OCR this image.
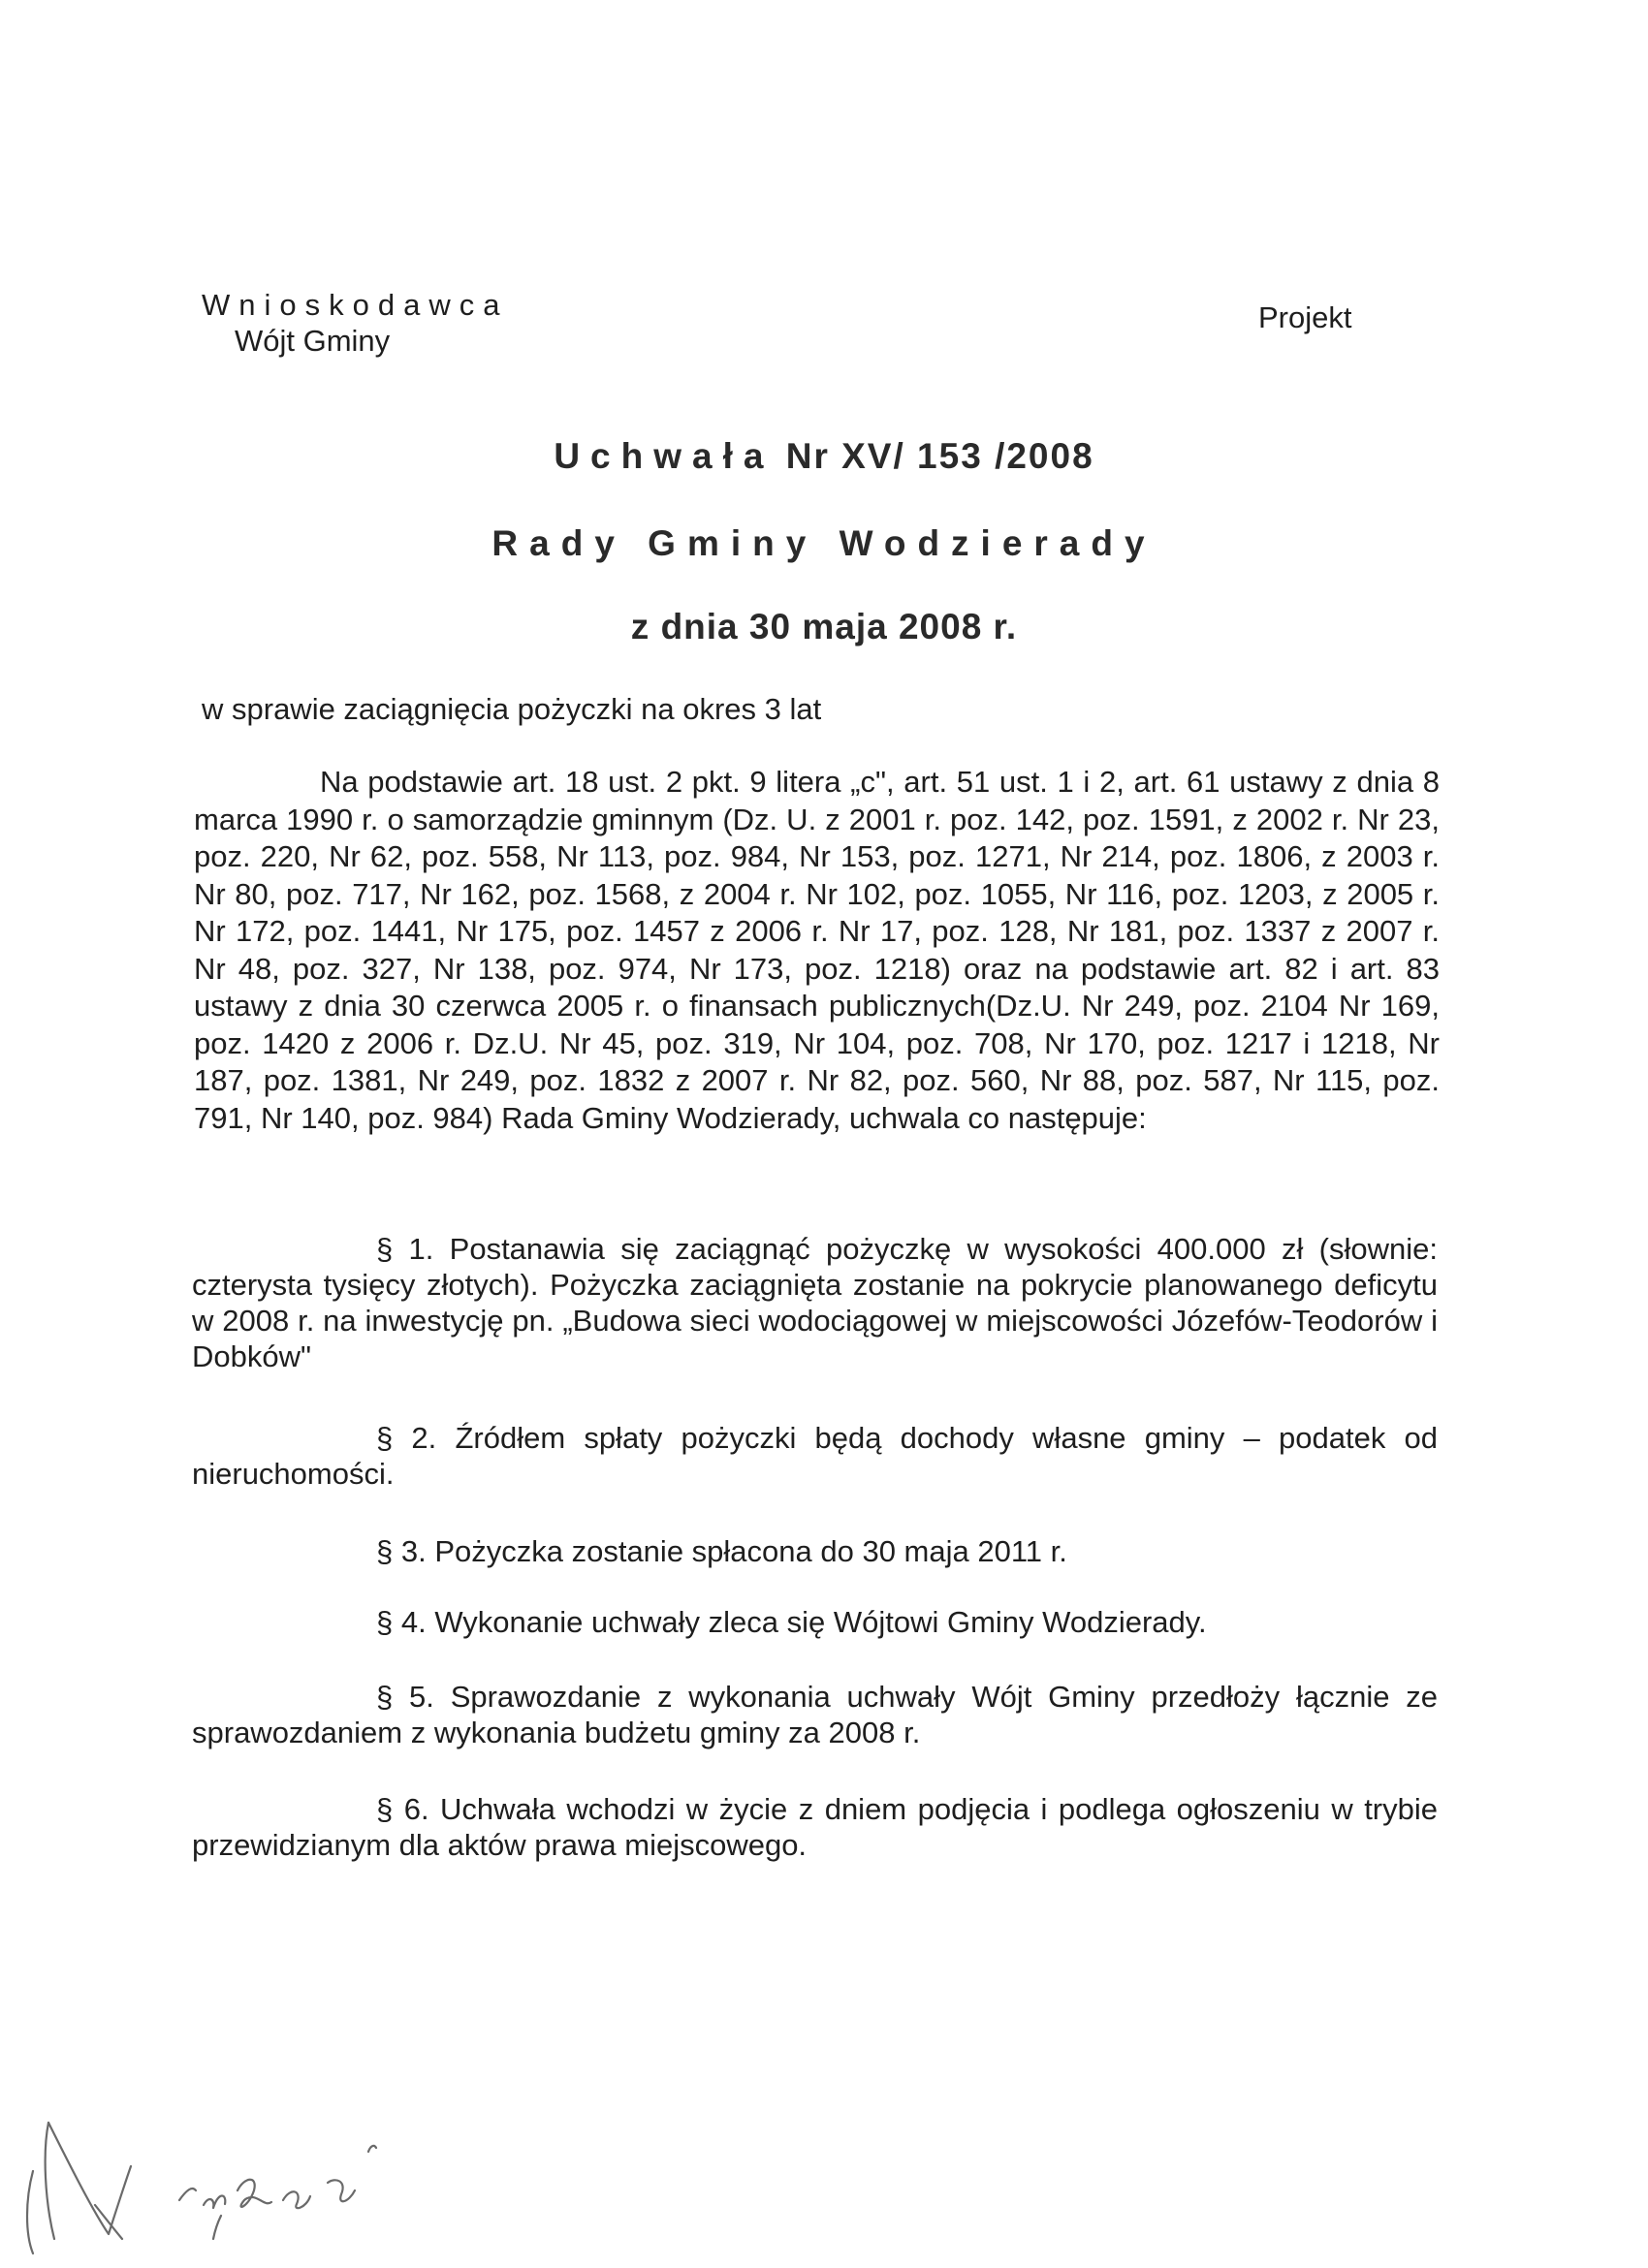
Wnioskodawca
Wójt Gminy
Projekt
Uchwała Nr XV/ 153 /2008
Rady Gminy Wodzierady
z dnia 30 maja 2008 r.
w sprawie zaciągnięcia pożyczki na okres 3 lat

Na podstawie art. 18 ust. 2 pkt. 9 litera „c", art. 51 ust. 1 i 2, art. 61 ustawy z dnia 8 marca 1990 r. o samorządzie gminnym (Dz. U. z 2001 r. poz. 142, poz. 1591, z 2002 r. Nr 23, poz. 220, Nr 62, poz. 558, Nr 113, poz. 984, Nr 153, poz. 1271, Nr 214, poz. 1806, z 2003 r. Nr 80, poz. 717, Nr 162, poz. 1568, z 2004 r. Nr 102, poz. 1055, Nr 116, poz. 1203, z 2005 r. Nr 172, poz. 1441, Nr 175, poz. 1457 z 2006 r. Nr 17, poz. 128, Nr 181, poz. 1337 z 2007 r. Nr 48, poz. 327, Nr 138, poz. 974, Nr 173, poz. 1218) oraz na podstawie art. 82 i art. 83 ustawy z dnia 30 czerwca 2005 r. o finansach publicznych(Dz.U. Nr 249, poz. 2104 Nr 169, poz. 1420 z 2006 r. Dz.U. Nr 45, poz. 319, Nr 104, poz. 708, Nr 170, poz. 1217 i 1218, Nr 187, poz. 1381, Nr 249, poz. 1832 z 2007 r. Nr 82, poz. 560, Nr 88, poz. 587, Nr 115, poz. 791, Nr 140, poz. 984) Rada Gminy Wodzierady, uchwala co następuje:

§ 1. Postanawia się zaciągnąć pożyczkę w wysokości 400.000 zł (słownie: czterysta tysięcy złotych). Pożyczka zaciągnięta zostanie na pokrycie planowanego deficytu w 2008 r. na inwestycję pn. „Budowa sieci wodociągowej w miejscowości Józefów-Teodorów i Dobków"

§ 2. Źródłem spłaty pożyczki będą dochody własne gminy – podatek od nieruchomości.

§ 3. Pożyczka zostanie spłacona do 30 maja 2011 r.

§ 4. Wykonanie uchwały zleca się Wójtowi Gminy Wodzierady.

§ 5. Sprawozdanie z wykonania uchwały Wójt Gminy przedłoży łącznie ze sprawozdaniem z wykonania budżetu gminy za 2008 r.

§ 6. Uchwała wchodzi w życie z dniem podjęcia i podlega ogłoszeniu w trybie przewidzianym dla aktów prawa miejscowego.
